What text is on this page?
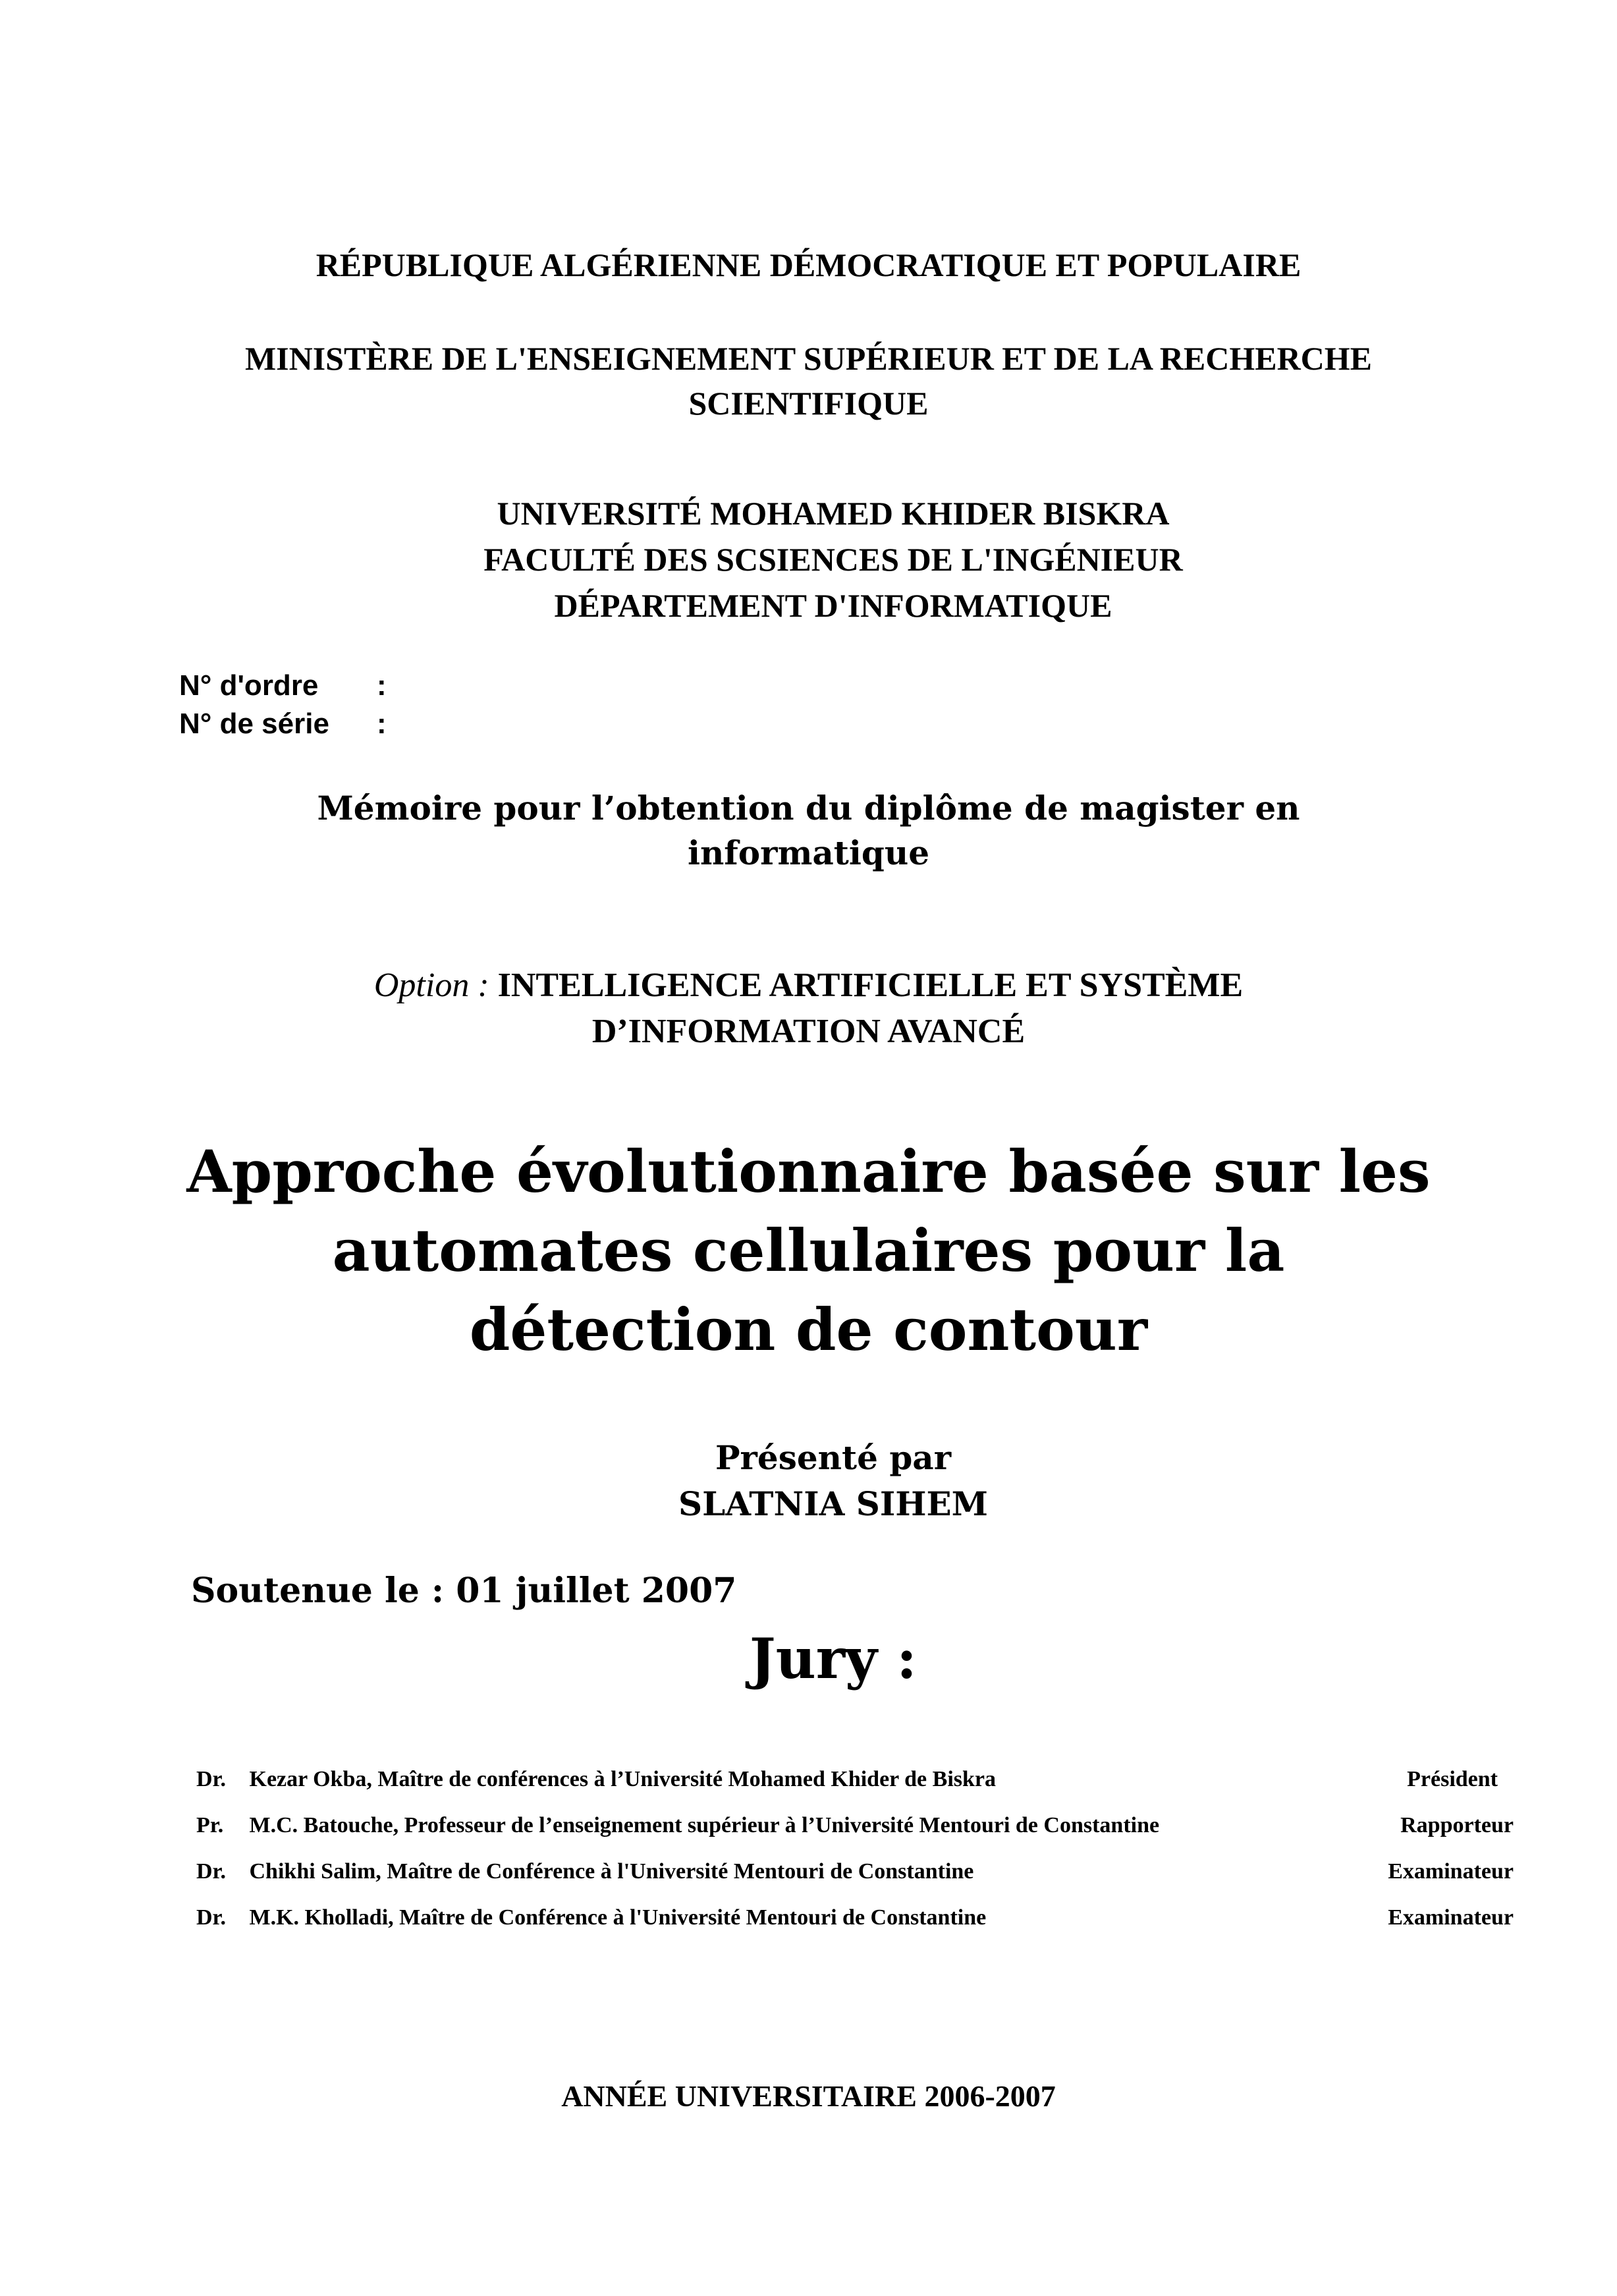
RÉPUBLIQUE ALGÉRIENNE DÉMOCRATIQUE ET POPULAIRE
MINISTÈRE DE L'ENSEIGNEMENT SUPÉRIEUR ET DE LA RECHERCHE
SCIENTIFIQUE
UNIVERSITÉ MOHAMED KHIDER BISKRA
FACULTÉ DES SCSIENCES DE L'INGÉNIEUR
DÉPARTEMENT D'INFORMATIQUE
N° d'ordre :
N° de série :
Mémoire pour l’obtention du diplôme de magister en
informatique
Option : INTELLIGENCE ARTIFICIELLE ET SYSTÈME
D’INFORMATION AVANCÉ
Approche évolutionnaire basée sur les
automates cellulaires pour la
détection de contour
Présenté par
SLATNIA SIHEM
Soutenue le : 01 juillet 2007
Jury :
Dr. Kezar Okba, Maître de conférences à l’Université Mohamed Khider de Biskra	Président
Pr. M.C. Batouche, Professeur de l’enseignement supérieur à l’Université Mentouri de Constantine	Rapporteur
Dr. Chikhi Salim, Maître de Conférence à l'Université Mentouri de Constantine	Examinateur
Dr. M.K. Kholladi, Maître de Conférence à l'Université Mentouri de Constantine	Examinateur
ANNÉE UNIVERSITAIRE 2006-2007
